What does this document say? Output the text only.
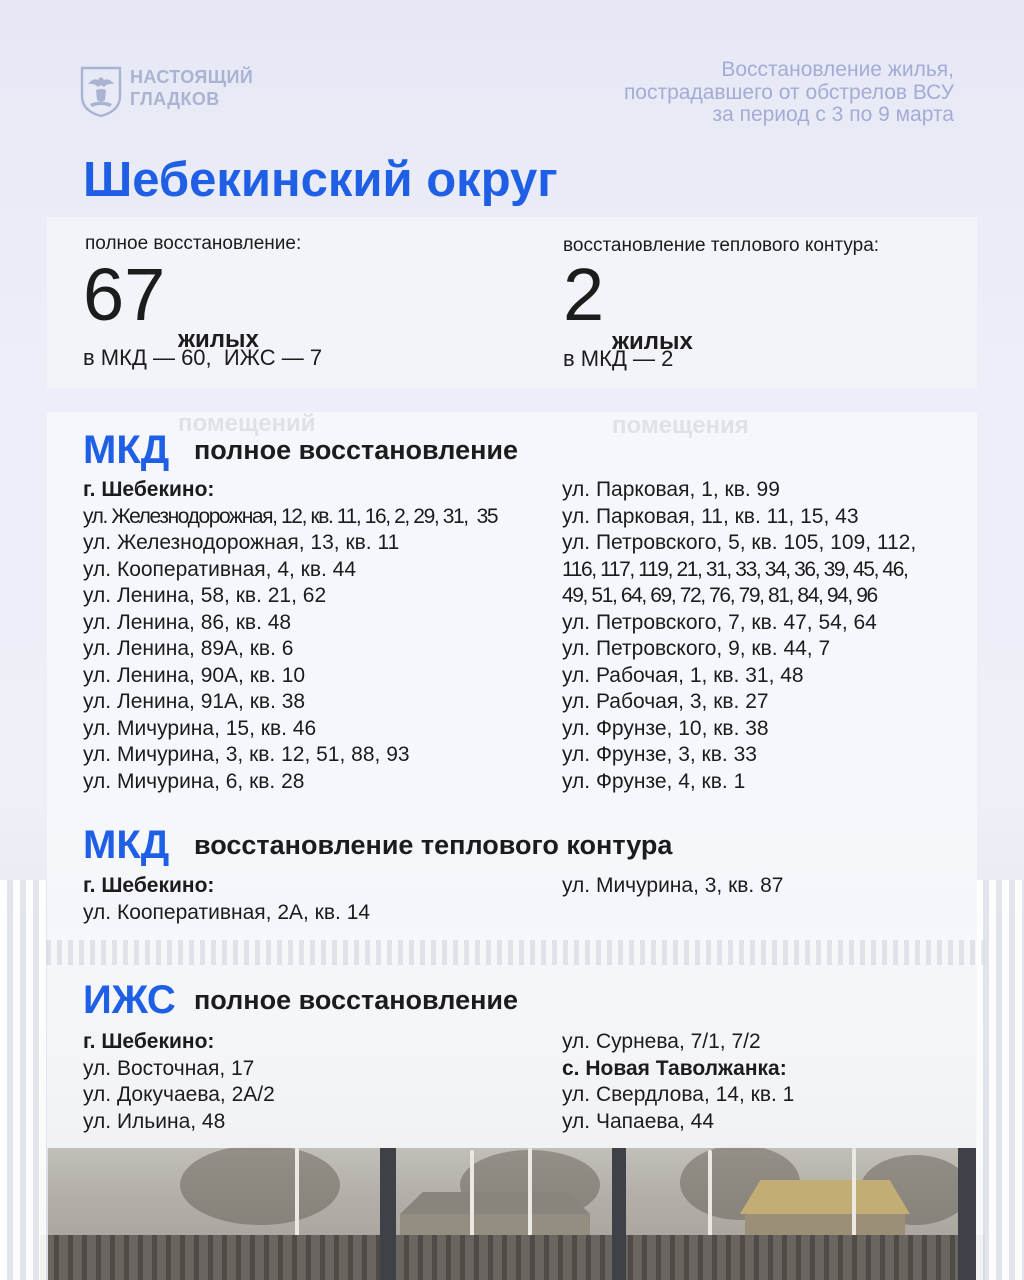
НАСТОЯЩИЙ
ГЛАДКОВ
Восстановление жилья,
пострадавшего от обстрелов ВСУ
за период с 3 по 9 марта
Шебекинский округ
полное восстановление:
67

жилых

в МКД — 60,  ИЖС — 7
восстановление теплового контура:
2

жилых

в МКД — 2
МКД полное восстановление
г. Шебекино:
ул. Железнодорожная, 12, кв. 11, 16, 2, 29, 31,  35
ул. Железнодорожная, 13, кв. 11
ул. Кооперативная, 4, кв. 44
ул. Ленина, 58, кв. 21, 62
ул. Ленина, 86, кв. 48
ул. Ленина, 89А, кв. 6
ул. Ленина, 90А, кв. 10
ул. Ленина, 91А, кв. 38
ул. Мичурина, 15, кв. 46
ул. Мичурина, 3, кв. 12, 51, 88, 93
ул. Мичурина, 6, кв. 28
ул. Парковая, 1, кв. 99
ул. Парковая, 11, кв. 11, 15, 43
ул. Петровского, 5, кв. 105, 109, 112,
116, 117, 119, 21, 31, 33, 34, 36, 39, 45, 46,
49, 51, 64, 69, 72, 76, 79, 81, 84, 94, 96
ул. Петровского, 7, кв. 47, 54, 64
ул. Петровского, 9, кв. 44, 7
ул. Рабочая, 1, кв. 31, 48
ул. Рабочая, 3, кв. 27
ул. Фрунзе, 10, кв. 38
ул. Фрунзе, 3, кв. 33
ул. Фрунзе, 4, кв. 1
МКД восстановление теплового контура
г. Шебекино:
ул. Кооперативная, 2А, кв. 14
ул. Мичурина, 3, кв. 87
ИЖС полное восстановление
г. Шебекино:
ул. Восточная, 17
ул. Докучаева, 2А/2
ул. Ильина, 48
ул. Сурнева, 7/1, 7/2
с. Новая Таволжанка:
ул. Свердлова, 14, кв. 1
ул. Чапаева, 44
